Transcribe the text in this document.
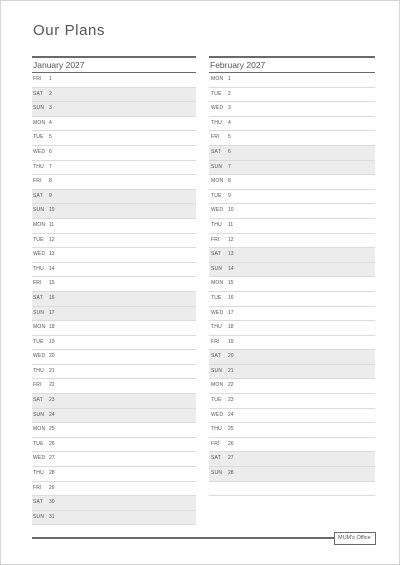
Our Plans
January 2027
FRI 1
SAT 2
SUN 3
MON 4
TUE 5
WED 6
THU 7
FRI 8
SAT 9
SUN 10
MON 11
TUE 12
WED 13
THU 14
FRI 15
SAT 16
SUN 17
MON 18
TUE 19
WED 20
THU 21
FRI 22
SAT 23
SUN 24
MON 25
TUE 26
WED 27
THU 28
FRI 29
SAT 30
SUN 31
February 2027
MON 1
TUE 2
WED 3
THU 4
FRI 5
SAT 6
SUN 7
MON 8
TUE 9
WED 10
THU 11
FRI 12
SAT 13
SUN 14
MON 15
TUE 16
WED 17
THU 18
FRI 19
SAT 20
SUN 21
MON 22
TUE 23
WED 24
THU 25
FRI 26
SAT 27
SUN 28
MUM's Office
